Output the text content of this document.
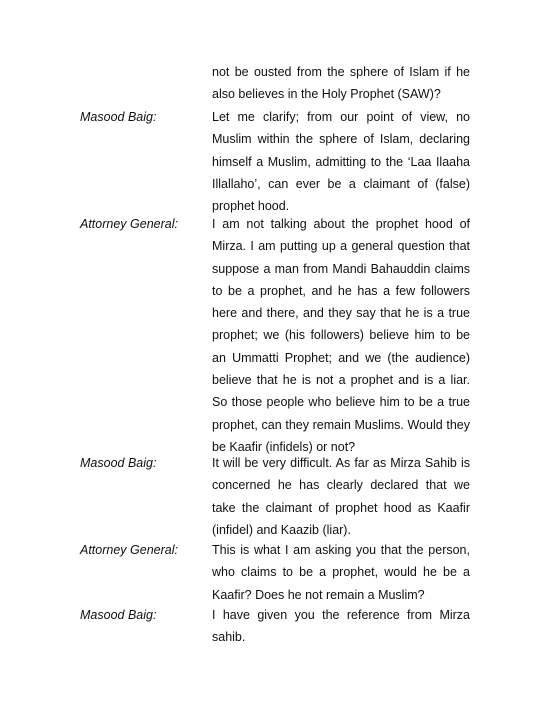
not be ousted from the sphere of Islam if he
also believes in the Holy Prophet (SAW)?
Masood Baig:	Let me clarify; from our point of view, no
Muslim within the sphere of Islam, declaring
himself a Muslim, admitting to the ‘Laa Ilaaha
Illallaho’, can ever be a claimant of (false)
prophet hood.
Attorney General:	I am not talking about the prophet hood of
Mirza. I am putting up a general question that
suppose a man from Mandi Bahauddin claims
to be a prophet, and he has a few followers
here and there, and they say that he is a true
prophet; we (his followers) believe him to be
an Ummatti Prophet; and we (the audience)
believe that he is not a prophet and is a liar.
So those people who believe him to be a true
prophet, can they remain Muslims. Would they
be Kaafir (infidels) or not?
Masood Baig:	It will be very difficult. As far as Mirza Sahib is
concerned he has clearly declared that we
take the claimant of prophet hood as Kaafir
(infidel) and Kaazib (liar).
Attorney General:	This is what I am asking you that the person,
who claims to be a prophet, would he be a
Kaafir? Does he not remain a Muslim?
Masood Baig:	I have given you the reference from Mirza
sahib.
